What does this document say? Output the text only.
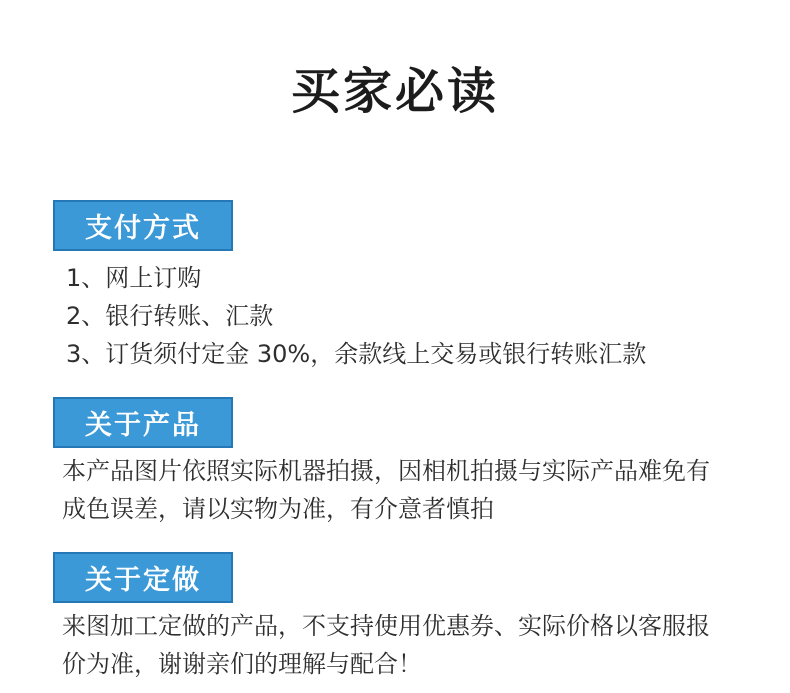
买家必读
支付方式
1、网上订购
2、银行转账、汇款
3、订货须付定金 30%，余款线上交易或银行转账汇款
关于产品
本产品图片依照实际机器拍摄，因相机拍摄与实际产品难免有
成色误差，请以实物为准，有介意者慎拍
关于定做
来图加工定做的产品，不支持使用优惠券、实际价格以客服报
价为准，谢谢亲们的理解与配合！
